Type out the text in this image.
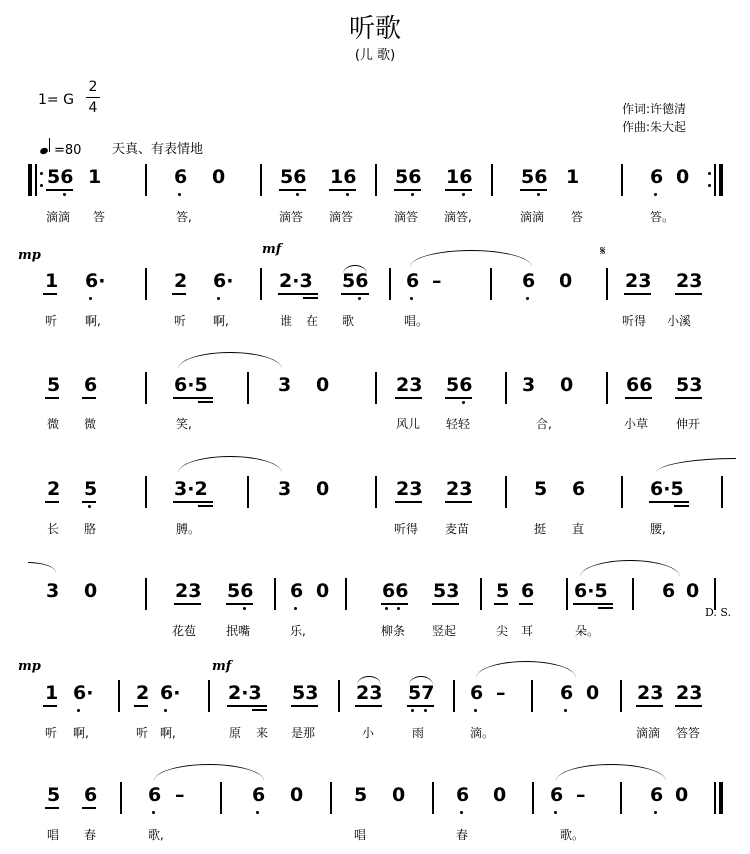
听歌
(儿 歌)
1= G
2
4	作词:许德清
作曲:朱大起
=80 天真、有表情地
56 1	6 0	56 16 56 16	56 1	6 0
滴滴 答	答,	滴答 滴答	滴答 滴答,	滴滴 答	答。
mp	mf	𝄋
1 6·	2 6· 2·3 56 6 –	6 0	23 23
听 啊,	听 啊,	谁 在 歌	唱。	听得 小溪
5 6	6·5	3 0	23 56	3 0	66 53
微 微	笑,	风儿 轻轻	合,	小草 伸开
2 5	3·2	3 0	23 23	5 6	6·5
长 胳	膊。	听得 麦苗	挺 直	腰,
3 0	23 56 6 0	66 53 5 6 6·5	6 0
D. S.
花苞 抿嘴	乐,	柳条 竖起	尖 耳	朵。
mp	mf
1 6· 2 6·	2·3 53 23 57 6 –	6 0 23 23
听 啊,	听 啊,	原 来 是那	小	雨	滴。	滴滴 答答
5 6	6 –	6 0	5 0	6 0 6 –	6 0
唱 春	歌,	唱	春	歌。
